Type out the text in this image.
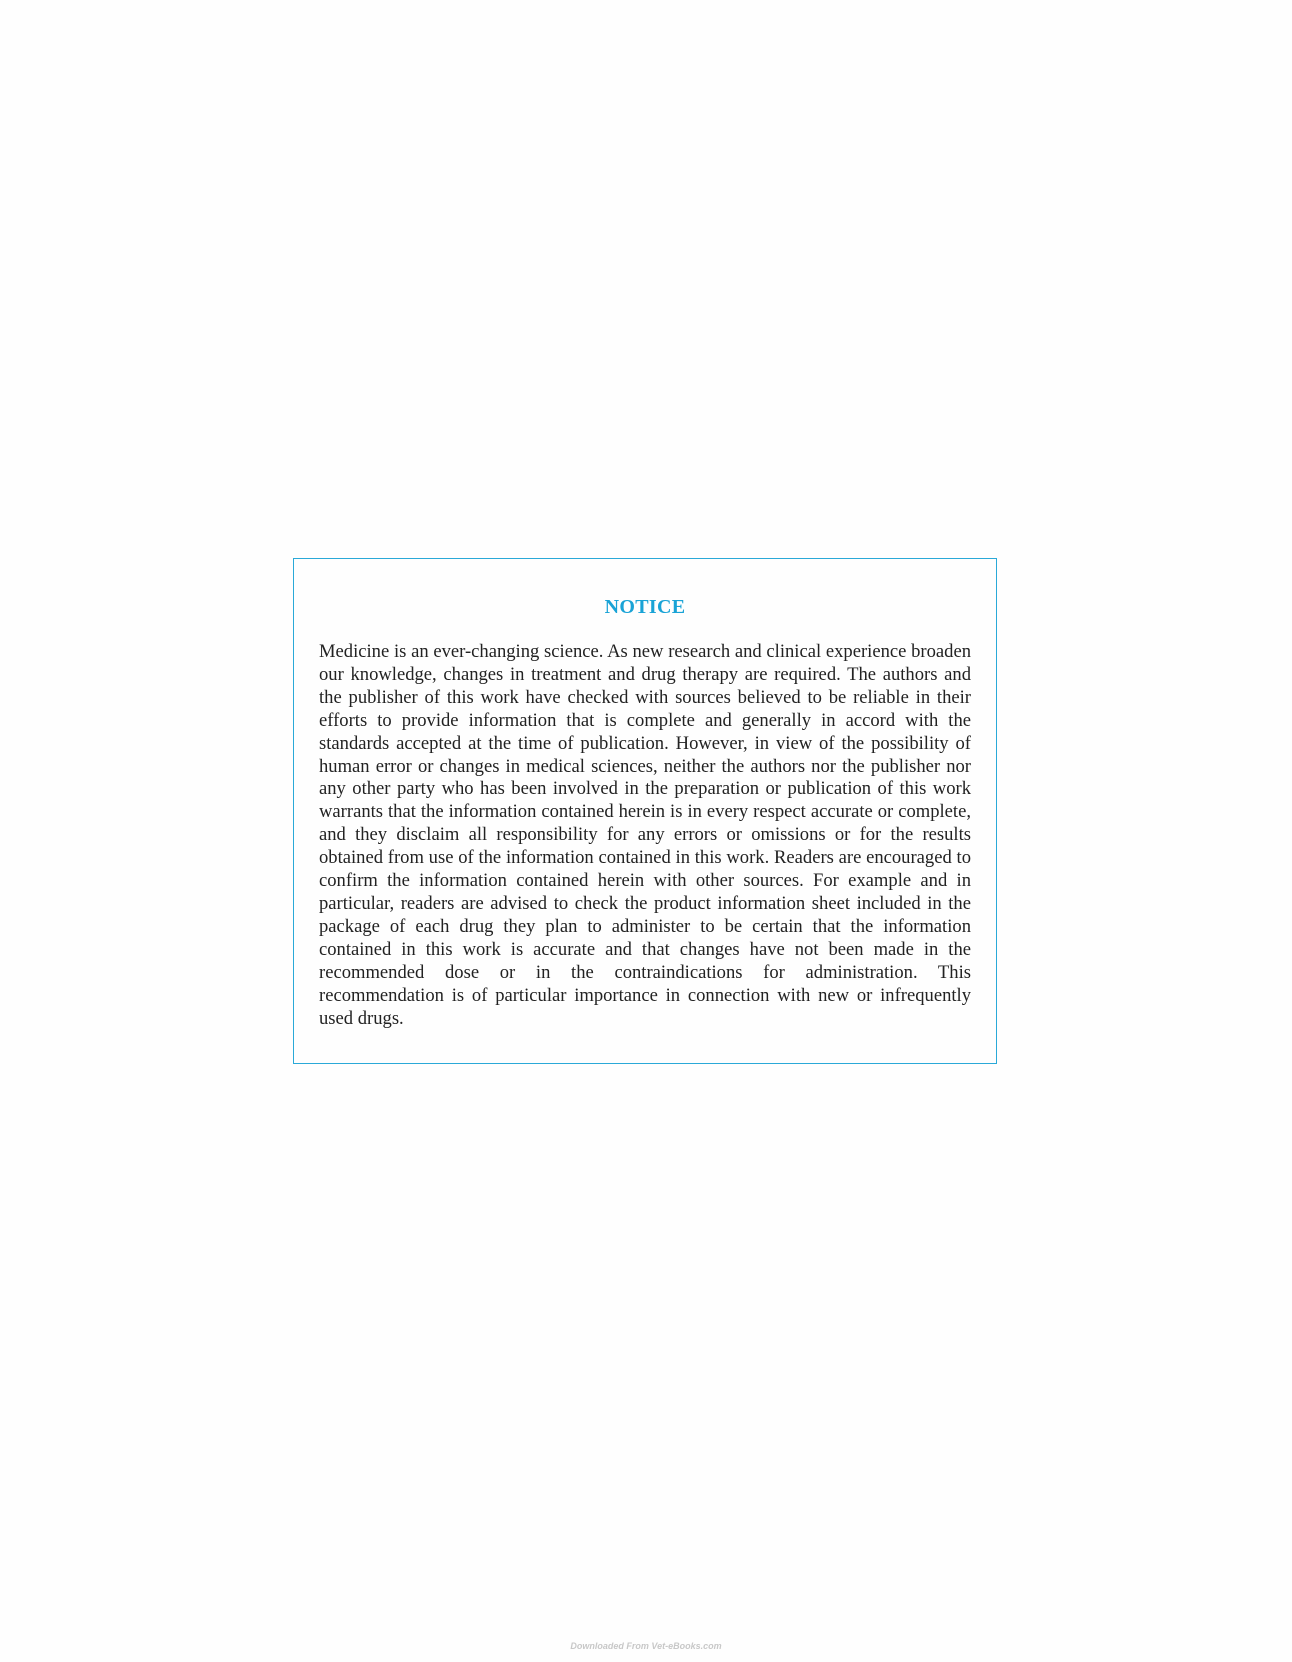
NOTICE

Medicine is an ever-changing science. As new research and clinical experience broaden our knowledge, changes in treatment and drug therapy are required. The authors and the publisher of this work have checked with sources believed to be reliable in their efforts to provide information that is complete and generally in accord with the standards accepted at the time of publication. However, in view of the possibility of human error or changes in medical sciences, neither the authors nor the publisher nor any other party who has been involved in the preparation or publication of this work warrants that the information contained herein is in every respect accurate or complete, and they disclaim all responsibility for any errors or omissions or for the results obtained from use of the information contained in this work. Readers are encouraged to confirm the information contained herein with other sources. For example and in particular, readers are advised to check the product information sheet included in the package of each drug they plan to administer to be certain that the information contained in this work is accurate and that changes have not been made in the recommended dose or in the contraindications for administration. This recommendation is of particular importance in connection with new or infrequently used drugs.

Downloaded From Vet-eBooks.com
